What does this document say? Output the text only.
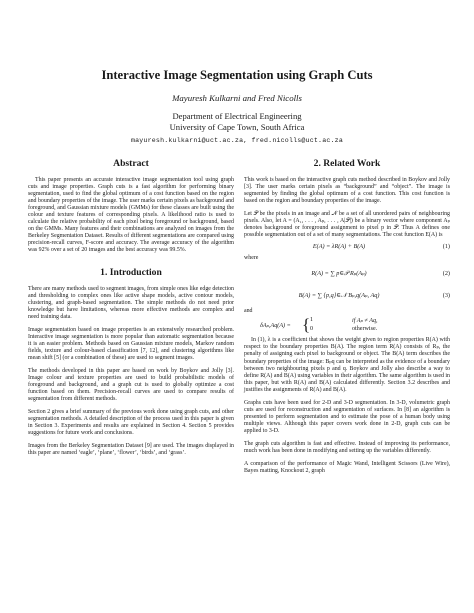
Interactive Image Segmentation using Graph Cuts
Mayuresh Kulkarni and Fred Nicolls
Department of Electrical Engineering
University of Cape Town, South Africa
mayuresh.kulkarni@uct.ac.za, fred.nicolls@uct.ac.za
Abstract

This paper presents an accurate interactive image segmentation tool using graph cuts and image properties. Graph cuts is a fast algorithm for performing binary segmentation, used to find the global optimum of a cost function based on the region and boundary properties of the image. The user marks certain pixels as background and foreground, and Gaussian mixture models (GMMs) for these classes are built using the colour and texture features of corresponding pixels. A likelihood ratio is used to calculate the relative probability of each pixel being foreground or background, based on the GMMs. Many features and their combinations are analyzed on images from the Berkeley Segmentation Dataset. Results of different segmentations are compared using precision-recall curves, F-score and accuracy. The average accuracy of the algorithm was 92% over a set of 20 images and the best accuracy was 99.5%.

1. Introduction

There are many methods used to segment images, from simple ones like edge detection and thresholding to complex ones like active shape models, active contour models, clustering, and graph-based segmentation. The simple methods do not need prior knowledge but have limitations, whereas more effective methods are complex and need training data.

Image segmentation based on image properties is an extensively researched problem. Interactive image segmentation is more popular than automatic segmentation because it is an easier problem. Methods based on Gaussian mixture models, Markov random fields, texture and colour-based classification [7, 12], and clustering algorithms like mean shift [5] (or a combination of these) are used to segment images.

The methods developed in this paper are based on work by Boykov and Jolly [3]. Image colour and texture properties are used to build probabilistic models of foreground and background, and a graph cut is used to globally optimize a cost function based on them. Precision-recall curves are used to compare results of segmentation from different methods.

Section 2 gives a brief summary of the previous work done using graph cuts, and other segmentation methods. A detailed description of the process used in this paper is given in Section 3. Experiments and results are explained in Section 4. Section 5 provides suggestions for future work and conclusions.

Images from the Berkeley Segmentation Dataset [9] are used. The images displayed in this paper are named ‘eagle’, ‘plane’, ‘flower’, ‘birds’, and ‘grass’.

2. Related Work

This work is based on the interactive graph cuts method described in Boykov and Jolly [3]. The user marks certain pixels as “background” and “object”. The image is segmented by finding the global optimum of a cost function. This cost function is based on the region and boundary properties of the image.

Let 𝒫 be the pixels in an image and 𝒩 be a set of all unordered pairs of neighbouring pixels. Also, let A = (A₁, . . . , Aₚ, . . . , A|𝒫|) be a binary vector where component Aₚ denotes background or foreground assignment to pixel p in 𝒫. Thus A defines one possible segmentation out of a set of many segmentations. The cost function E(A) is

E(A) = λR(A) + B(A)	(1)
where
R(A) = ∑ p∈𝒫 Rₚ(Aₚ)	(2)
B(A) = ∑ {p,q}∈𝒩 Bₚ,q(Aₚ, Aq)	(3)
and
δAₚ,Aq(A) = { 1	if Aₚ ≠ Aq,
0	otherwise.

In (1), λ is a coefficient that shows the weight given to region properties R(A) with respect to the boundary properties B(A). The region term R(A) consists of Rₚ, the penalty of assigning each pixel to background or object. The B(A) term describes the boundary properties of the image: Bₚq can be interpreted as the evidence of a boundary between two neighbouring pixels p and q. Boykov and Jolly also describe a way to define R(A) and B(A) using variables in their algorithm. The same algorithm is used in this paper, but with R(A) and B(A) calculated differently. Section 3.2 describes and justifies the assignments of R(A) and B(A).

Graphs cuts have been used for 2-D and 3-D segmentation. In 3-D, volumetric graph cuts are used for reconstruction and segmentation of surfaces. In [8] an algorithm is presented to perform segmentation and to estimate the pose of a human body using multiple views. Although this paper covers work done in 2-D, graph cuts can be applied to 3-D.

The graph cuts algorithm is fast and effective. Instead of improving its performance, much work has been done in modifying and setting up the variables differently.

A comparison of the performance of Magic Wand, Intelligent Scissors (Live Wire), Bayes matting, Knockout 2, graph
